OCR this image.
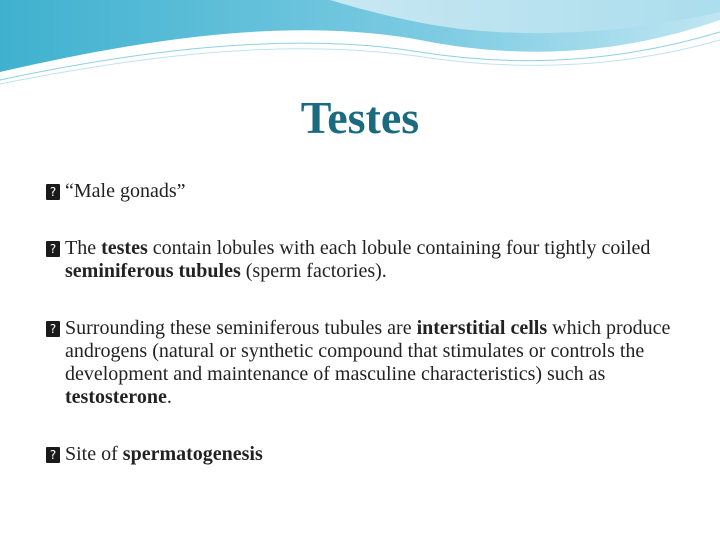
Testes
? “Male gonads”
? The testes contain lobules with each lobule containing four tightly coiled seminiferous tubules (sperm factories).
? Surrounding these seminiferous tubules are interstitial cells which produce androgens (natural or synthetic compound that stimulates or controls the development and maintenance of masculine characteristics) such as testosterone.
? Site of spermatogenesis
